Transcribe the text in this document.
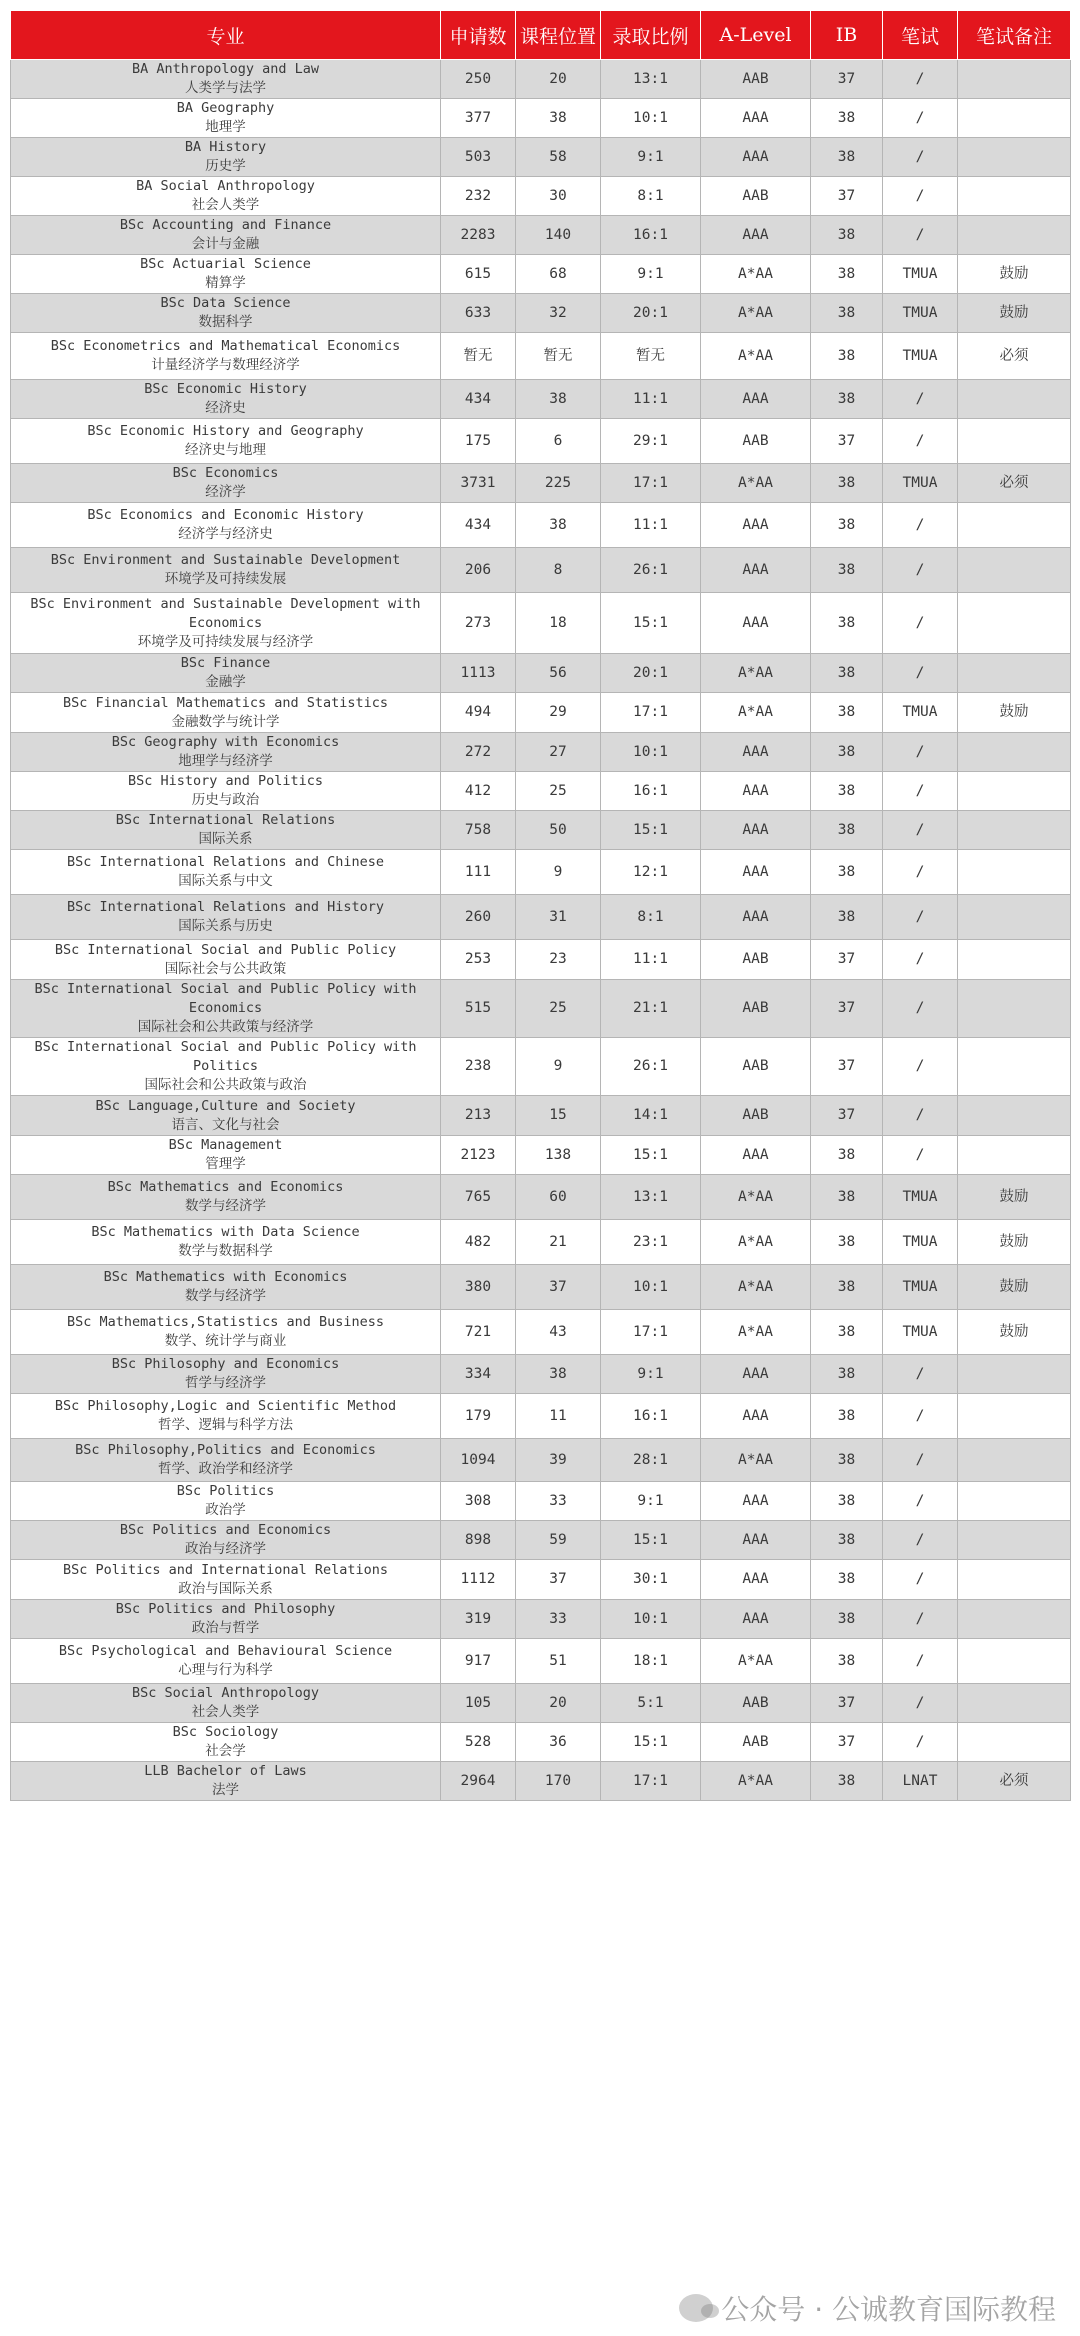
专业	申请数	课程位置	录取比例	A-Level	IB	笔试	笔试备注

BA Anthropology and Law
人类学与法学	250	20	13:1	AAB	37	/	

BA Geography
地理学	377	38	10:1	AAA	38	/	

BA History
历史学	503	58	9:1	AAA	38	/	

BA Social Anthropology
社会人类学	232	30	8:1	AAB	37	/	

BSc Accounting and Finance
会计与金融	2283	140	16:1	AAA	38	/	

BSc Actuarial Science
精算学	615	68	9:1	A*AA	38	TMUA	鼓励

BSc Data Science
数据科学	633	32	20:1	A*AA	38	TMUA	鼓励

BSc Econometrics and Mathematical Economics
计量经济学与数理经济学	暂无	暂无	暂无	A*AA	38	TMUA	必须

BSc Economic History
经济史	434	38	11:1	AAA	38	/	

BSc Economic History and Geography
经济史与地理	175	6	29:1	AAB	37	/	

BSc Economics
经济学	3731	225	17:1	A*AA	38	TMUA	必须

BSc Economics and Economic History
经济学与经济史	434	38	11:1	AAA	38	/	

BSc Environment and Sustainable Development
环境学及可持续发展	206	8	26:1	AAA	38	/	

BSc Environment and Sustainable Development with Economics
环境学及可持续发展与经济学	273	18	15:1	AAA	38	/	

BSc Finance
金融学	1113	56	20:1	A*AA	38	/	

BSc Financial Mathematics and Statistics
金融数学与统计学	494	29	17:1	A*AA	38	TMUA	鼓励

BSc Geography with Economics
地理学与经济学	272	27	10:1	AAA	38	/	

BSc History and Politics
历史与政治	412	25	16:1	AAA	38	/	

BSc International Relations
国际关系	758	50	15:1	AAA	38	/	

BSc International Relations and Chinese
国际关系与中文	111	9	12:1	AAA	38	/	

BSc International Relations and History
国际关系与历史	260	31	8:1	AAA	38	/	

BSc International Social and Public Policy
国际社会与公共政策	253	23	11:1	AAB	37	/	

BSc International Social and Public Policy with Economics
国际社会和公共政策与经济学	515	25	21:1	AAB	37	/	

BSc International Social and Public Policy with Politics
国际社会和公共政策与政治	238	9	26:1	AAB	37	/	

BSc Language,Culture and Society
语言、文化与社会	213	15	14:1	AAB	37	/	

BSc Management
管理学	2123	138	15:1	AAA	38	/	

BSc Mathematics and Economics
数学与经济学	765	60	13:1	A*AA	38	TMUA	鼓励

BSc Mathematics with Data Science
数学与数据科学	482	21	23:1	A*AA	38	TMUA	鼓励

BSc Mathematics with Economics
数学与经济学	380	37	10:1	A*AA	38	TMUA	鼓励

BSc Mathematics,Statistics and Business
数学、统计学与商业	721	43	17:1	A*AA	38	TMUA	鼓励

BSc Philosophy and Economics
哲学与经济学	334	38	9:1	AAA	38	/	

BSc Philosophy,Logic and Scientific Method
哲学、逻辑与科学方法	179	11	16:1	AAA	38	/	

BSc Philosophy,Politics and Economics
哲学、政治学和经济学	1094	39	28:1	A*AA	38	/	

BSc Politics
政治学	308	33	9:1	AAA	38	/	

BSc Politics and Economics
政治与经济学	898	59	15:1	AAA	38	/	

BSc Politics and International Relations
政治与国际关系	1112	37	30:1	AAA	38	/	

BSc Politics and Philosophy
政治与哲学	319	33	10:1	AAA	38	/	

BSc Psychological and Behavioural Science
心理与行为科学	917	51	18:1	A*AA	38	/	

BSc Social Anthropology
社会人类学	105	20	5:1	AAB	37	/	

BSc Sociology
社会学	528	36	15:1	AAB	37	/	

LLB Bachelor of Laws
法学	2964	170	17:1	A*AA	38	LNAT	必须
公众号 · 公诚教育国际教程
